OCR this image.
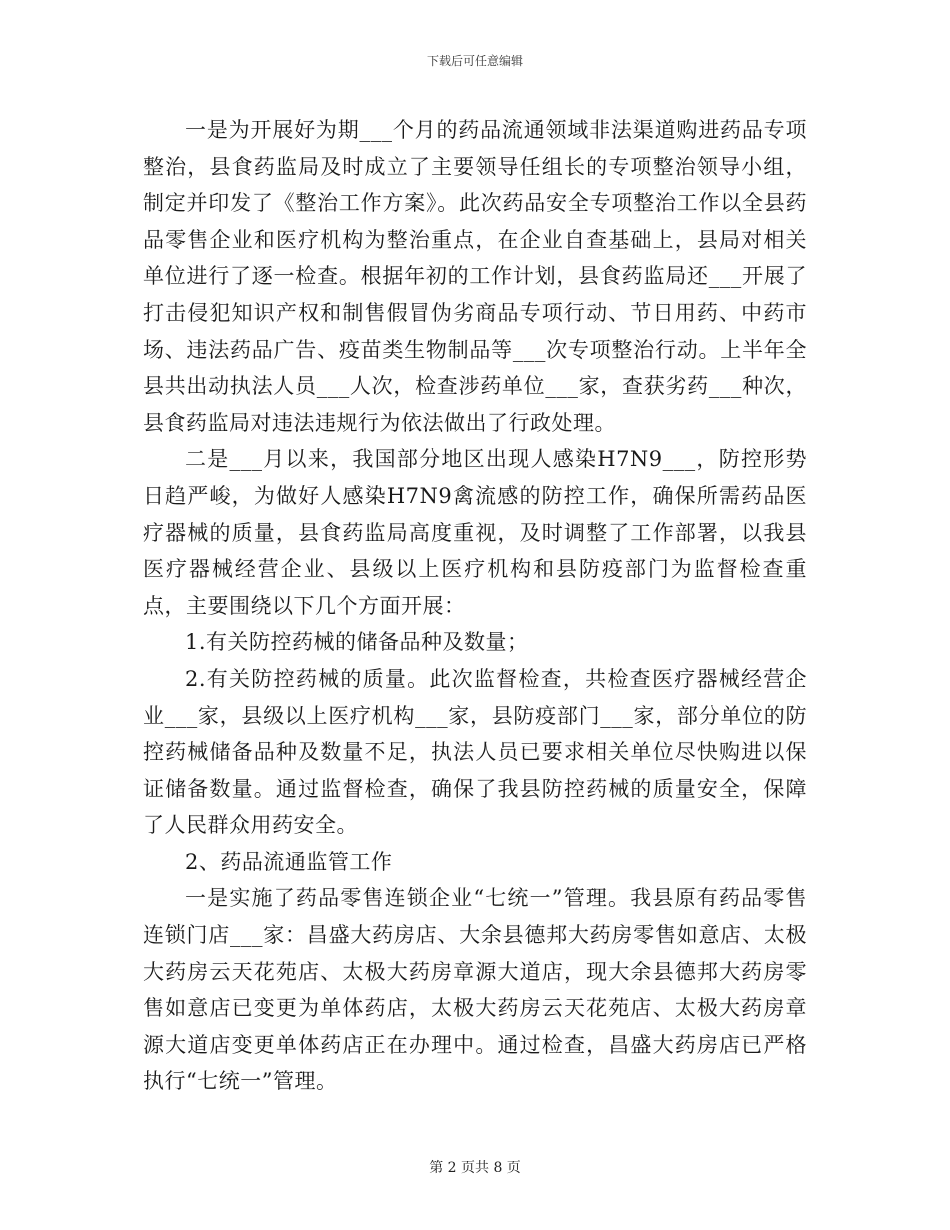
下载后可任意编辑

一是为开展好为期___个月的药品流通领域非法渠道购进药品专项整治，县食药监局及时成立了主要领导任组长的专项整治领导小组，制定并印发了《整治工作方案》。此次药品安全专项整治工作以全县药品零售企业和医疗机构为整治重点，在企业自查基础上，县局对相关单位进行了逐一检查。根据年初的工作计划，县食药监局还___开展了打击侵犯知识产权和制售假冒伪劣商品专项行动、节日用药、中药市场、违法药品广告、疫苗类生物制品等___次专项整治行动。上半年全县共出动执法人员___人次，检查涉药单位___家，查获劣药___种次，县食药监局对违法违规行为依法做出了行政处理。

二是___月以来，我国部分地区出现人感染H7N9___，防控形势日趋严峻，为做好人感染H7N9禽流感的防控工作，确保所需药品医疗器械的质量，县食药监局高度重视，及时调整了工作部署，以我县医疗器械经营企业、县级以上医疗机构和县防疫部门为监督检查重点，主要围绕以下几个方面开展：

1.有关防控药械的储备品种及数量；

2.有关防控药械的质量。此次监督检查，共检查医疗器械经营企业___家，县级以上医疗机构___家，县防疫部门___家，部分单位的防控药械储备品种及数量不足，执法人员已要求相关单位尽快购进以保证储备数量。通过监督检查，确保了我县防控药械的质量安全，保障了人民群众用药安全。

2、药品流通监管工作

一是实施了药品零售连锁企业“七统一”管理。我县原有药品零售连锁门店___家：昌盛大药房店、大余县德邦大药房零售如意店、太极大药房云天花苑店、太极大药房章源大道店，现大余县德邦大药房零售如意店已变更为单体药店，太极大药房云天花苑店、太极大药房章源大道店变更单体药店正在办理中。通过检查，昌盛大药房店已严格执行“七统一”管理。

第 2 页共 8 页
